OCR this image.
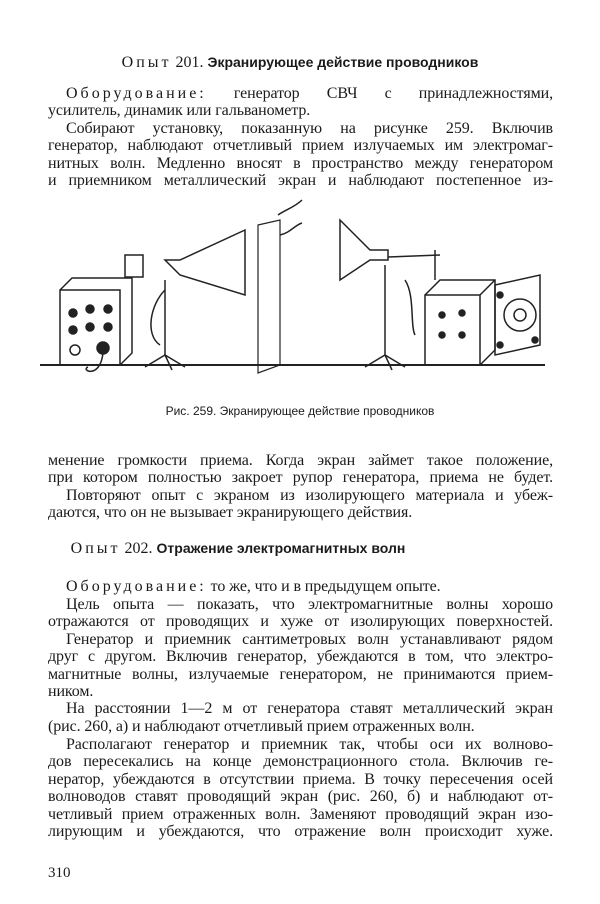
Опыт 201. Экранирующее действие проводников
Оборудование: генератор СВЧ с принадлежностями,
усилитель, динамик или гальванометр.
Собирают установку, показанную на рисунке 259. Включив
генератор, наблюдают отчетливый прием излучаемых им электромаг-
нитных волн. Медленно вносят в пространство между генератором
и приемником металлический экран и наблюдают постепенное из-
Рис. 259. Экранирующее действие проводников
менение громкости приема. Когда экран займет такое положение,
при котором полностью закроет рупор генератора, приема не будет.
Повторяют опыт с экраном из изолирующего материала и убеж-
даются, что он не вызывает экранирующего действия.
Опыт 202. Отражение электромагнитных волн
Оборудование: то же, что и в предыдущем опыте.
Цель опыта — показать, что электромагнитные волны хорошо
отражаются от проводящих и хуже от изолирующих поверхностей.
Генератор и приемник сантиметровых волн устанавливают рядом
друг с другом. Включив генератор, убеждаются в том, что электро-
магнитные волны, излучаемые генератором, не принимаются прием-
ником.
На расстоянии 1—2 м от генератора ставят металлический экран
(рис. 260, а) и наблюдают отчетливый прием отраженных волн.
Располагают генератор и приемник так, чтобы оси их волново-
дов пересекались на конце демонстрационного стола. Включив ге-
нератор, убеждаются в отсутствии приема. В точку пересечения осей
волноводов ставят проводящий экран (рис. 260, б) и наблюдают от-
четливый прием отраженных волн. Заменяют проводящий экран изо-
лирующим и убеждаются, что отражение волн происходит хуже.
310
